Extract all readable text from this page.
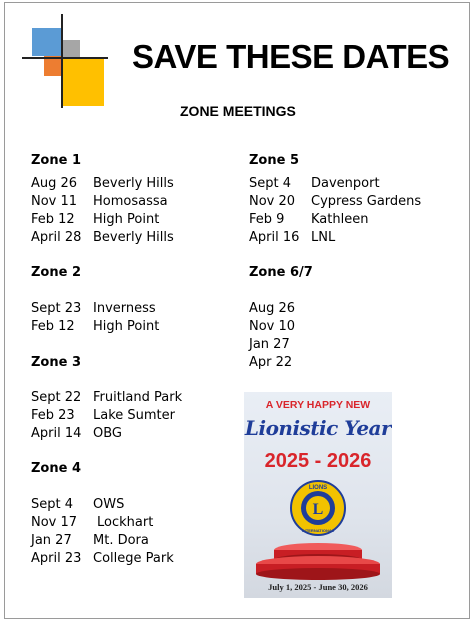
SAVE THESE DATES
ZONE MEETINGS
Zone 1
Aug 26 Beverly Hills
Nov 11 Homosassa
Feb 12 High Point
April 28 Beverly Hills
Zone 2
Sept 23 Inverness
Feb 12 High Point
Zone 3
Sept 22 Fruitland Park
Feb 23 Lake Sumter
April 14 OBG
Zone 4
Sept 4 OWS
Nov 17 Lockhart
Jan 27 Mt. Dora
April 23 College Park
Zone 5
Sept 4 Davenport
Nov 20 Cypress Gardens
Feb 9 Kathleen
April 16 LNL
Zone 6/7
Aug 26
Nov 10
Jan 27
Apr 22
A VERY HAPPY NEW
Lionistic Year
2025 - 2026
L
LIONS
INTERNATIONAL
July 1, 2025 - June 30, 2026
